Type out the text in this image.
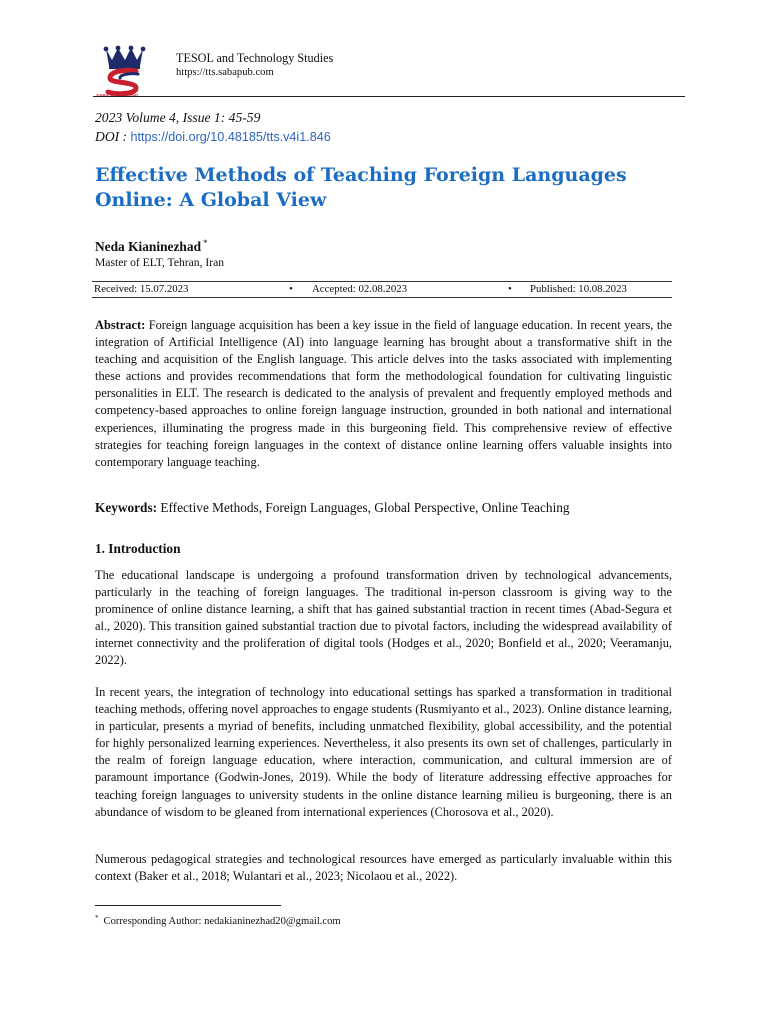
SABA PUBLISHING
TESOL and Technology Studies
https://tts.sabapub.com
2023 Volume 4, Issue 1: 45-59
DOI : https://doi.org/10.48185/tts.v4i1.846
Effective Methods of Teaching Foreign Languages Online: A Global View
Neda Kianinezhad *
Master of ELT, Tehran, Iran
Received: 15.07.2023	• Accepted: 02.08.2023	• Published: 10.08.2023

Abstract: Foreign language acquisition has been a key issue in the field of language education. In recent years, the integration of Artificial Intelligence (AI) into language learning has brought about a transformative shift in the teaching and acquisition of the English language. This article delves into the tasks associated with implementing these actions and provides recommendations that form the methodological foundation for cultivating linguistic personalities in ELT. The research is dedicated to the analysis of prevalent and frequently employed methods and competency-based approaches to online foreign language instruction, grounded in both national and international experiences, illuminating the progress made in this burgeoning field. This comprehensive review of effective strategies for teaching foreign languages in the context of distance online learning offers valuable insights into contemporary language teaching.

Keywords: Effective Methods, Foreign Languages, Global Perspective, Online Teaching
1. Introduction

The educational landscape is undergoing a profound transformation driven by technological advancements, particularly in the teaching of foreign languages. The traditional in-person classroom is giving way to the prominence of online distance learning, a shift that has gained substantial traction in recent times (Abad-Segura et al., 2020). This transition gained substantial traction due to pivotal factors, including the widespread availability of internet connectivity and the proliferation of digital tools (Hodges et al., 2020; Bonfield et al., 2020; Veeramanju, 2022).

In recent years, the integration of technology into educational settings has sparked a transformation in traditional teaching methods, offering novel approaches to engage students (Rusmiyanto et al., 2023). Online distance learning, in particular, presents a myriad of benefits, including unmatched flexibility, global accessibility, and the potential for highly personalized learning experiences. Nevertheless, it also presents its own set of challenges, particularly in the realm of foreign language education, where interaction, communication, and cultural immersion are of paramount importance (Godwin-Jones, 2019). While the body of literature addressing effective approaches for teaching foreign languages to university students in the online distance learning milieu is burgeoning, there is an abundance of wisdom to be gleaned from international experiences (Chorosova et al., 2020).

Numerous pedagogical strategies and technological resources have emerged as particularly invaluable within this context (Baker et al., 2018; Wulantari et al., 2023; Nicolaou et al., 2022).

* Corresponding Author: nedakianinezhad20@gmail.com
